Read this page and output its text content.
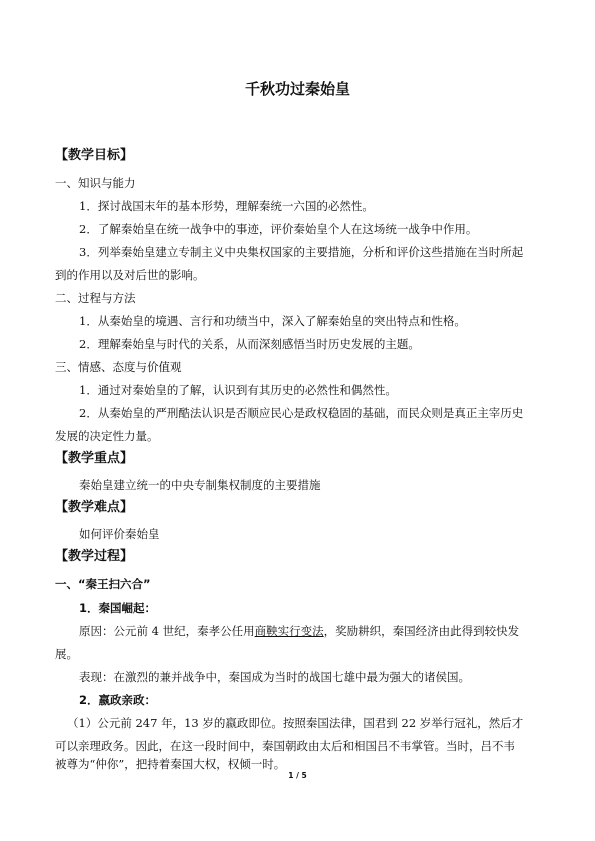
千秋功过秦始皇
【教学目标】
一、知识与能力
1．探讨战国末年的基本形势，理解秦统一六国的必然性。
2．了解秦始皇在统一战争中的事迹，评价秦始皇个人在这场统一战争中作用。
3．列举秦始皇建立专制主义中央集权国家的主要措施，分析和评价这些措施在当时所起
到的作用以及对后世的影响。
二、过程与方法
1．从秦始皇的境遇、言行和功绩当中，深入了解秦始皇的突出特点和性格。
2．理解秦始皇与时代的关系，从而深刻感悟当时历史发展的主题。
三、情感、态度与价值观
1．通过对秦始皇的了解，认识到有其历史的必然性和偶然性。
2．从秦始皇的严刑酷法认识是否顺应民心是政权稳固的基础，而民众则是真正主宰历史
发展的决定性力量。
【教学重点】
秦始皇建立统一的中央专制集权制度的主要措施
【教学难点】
如何评价秦始皇
【教学过程】
一、“秦王扫六合”
1．秦国崛起：
原因：公元前 4 世纪，秦孝公任用商鞅实行变法，奖励耕织，秦国经济由此得到较快发
展。
表现：在激烈的兼并战争中，秦国成为当时的战国七雄中最为强大的诸侯国。
2．嬴政亲政：
（1）公元前 247 年，13 岁的嬴政即位。按照秦国法律，国君到 22 岁举行冠礼，然后才
可以亲理政务。因此，在这一段时间中，秦国朝政由太后和相国吕不韦掌管。当时，吕不韦
被尊为“仲你”，把持着秦国大权，权倾一时。
1 / 5
